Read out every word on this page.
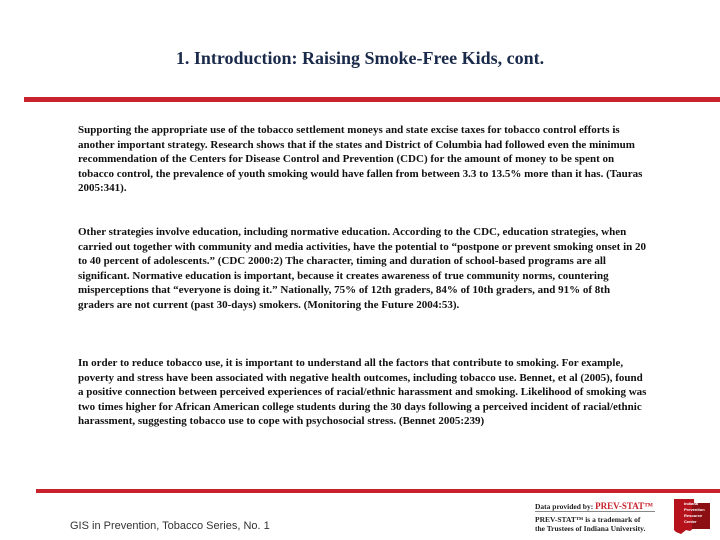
1. Introduction: Raising Smoke-Free Kids, cont.

Supporting the appropriate use of the tobacco settlement moneys and state excise taxes for tobacco control efforts is another important strategy. Research shows that if the states and District of Columbia had followed even the minimum recommendation of the Centers for Disease Control and Prevention (CDC) for the amount of money to be spent on tobacco control, the prevalence of youth smoking would have fallen from between 3.3 to 13.5% more than it has. (Tauras 2005:341).

Other strategies involve education, including normative education. According to the CDC, education strategies, when carried out together with community and media activities, have the potential to “postpone or prevent smoking onset in 20 to 40 percent of adolescents.” (CDC 2000:2) The character, timing and duration of school-based programs are all significant. Normative education is important, because it creates awareness of true community norms, countering misperceptions that “everyone is doing it.” Nationally, 75% of 12th graders, 84% of 10th graders, and 91% of 8th graders are not current (past 30-days) smokers. (Monitoring the Future 2004:53).

In order to reduce tobacco use, it is important to understand all the factors that contribute to smoking. For example, poverty and stress have been associated with negative health outcomes, including tobacco use. Bennet, et al (2005), found a positive connection between perceived experiences of racial/ethnic harassment and smoking. Likelihood of smoking was two times higher for African American college students during the 30 days following a perceived incident of racial/ethnic harassment, suggesting tobacco use to cope with psychosocial stress. (Bennet 2005:239)

GIS in Prevention, Tobacco Series, No. 1
Data provided by: PREV-STAT™
PREV-STAT™ is a trademark of
the Trustees of Indiana University.
Indiana
Prevention
Resource
Center
